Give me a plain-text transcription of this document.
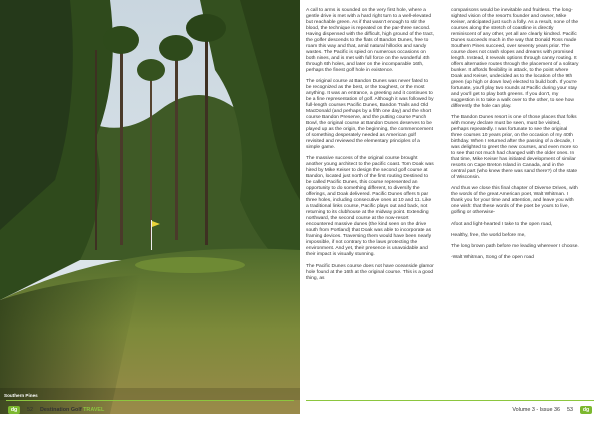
Southern Pines

A call to arms is sounded on the very first hole, where a gentle drive is met with a hard right turn to a well-elevated but reachable green. As if that wasn't enough to stir the blood, the technique is repeated on the par-three second. Having dispensed with the difficult, high ground of the tract, the golfer descends to the flats of Bandon Dunes, free to roam this way and that, amid natural hillocks and sandy wastes. The Pacific is spied on numerous occasions on both nines, and is met with full force on the wonderful 4th through 6th holes, and later on the incomparable 16th, perhaps the finest golf hole in existence.

The original course at Bandon Dunes was never fated to be recognized as the best, or the toughest, or the most anything. It was an entrance, a greeting and it continues to be a fine representation of golf. Although it was followed by full-length courses Pacific Dunes, Bandon Trails and Old MacDonald (and perhaps by a fifth one day) and the short course Bandon Preserve, and the putting course Punch Bowl, the original course at Bandon Dunes deserves to be played up as the origin, the beginning, the commencement of something desperately needed as American golf revisited and reviewed the elementary principles of a simple game.

The massive success of the original course brought another young architect to the pacific coast. Tom Doak was hired by Mike Keiser to design the second golf course at Bandon, located just north of the first routing Destined to be called Pacific Dunes, this course represented an opportunity to do something different, to diversify the offerings, and Doak delivered. Pacific Dunes offers 5 par three holes, including consecutive ones at 10 and 11. Like a traditional links course, Pacific plays out and back, not returning to its clubhouse at the midway point. Extending northward, the second course at the now-resort encountered massive dunes (the kind seen on the drive south from Portland) that Doak was able to incorporate as framing devices. Traversing them would have been nearly impossible, if not contrary to the laws protecting the environment. And yet, their presence is unavoidable and their impact is visually stunning.

The Pacific Dunes course does not have oceanside glamor hole found at the 16th at the original course. This is a good thing, as

comparisons would be inevitable and fruitless. The long-sighted vision of the resort's founder and owner, Mike Keiser, anticipated just such a folly. As a result, none of the courses along the stretch of coastline is directly reminiscent of any other, yet all are clearly kindred. Pacific Dunes succeeds much in the way that Donald Ross made Southern Pines succeed, over seventy years prior. The course does not crash slopes and dreams with promised length. Instead, it reveals options through canny routing. It offers alternative routes through the placement of a solitary bunker. It affords flexibility in attack, to the point where Doak and Keiser, undecided as to the location of the 9th green (up high or down low) elected to build both. If you're fortunate, you'll play two rounds at Pacific during your stay and you'll get to play both greens. If you don't, my suggestion is to take a walk over to the other, to see how differently the hole can play.

The Bandon Dunes resort is one of those places that folks with money declare must be seen, must be visited, perhaps repeatedly. I was fortunate to see the original three courses 10 years prior, on the occasion of my 40th birthday. When I returned after the passing of a decade, I was delighted to greet the new courses, and even more so to see that not much had changed with the older ones. In that time, Mike Keiser has initiated development of similar resorts on Cape Breton Island in Canada, and in the central part (who knew there was sand there?) of the state of Wisconsin.

And thus we close this final chapter of Diverse Drives, with the words of the great American poet, Walt Whitman. I thank you for your time and attention, and leave you with one wish: that these words of the poet be yours to live, golfing or otherwise-

Afoot and light-hearted I take to the open road,

Healthy, free, the world before me,

The long brown path before me leading wherever I choose.

-Walt Whitman, Song of the open road

dg	52 Destination Golf TRAVEL	Volume 3 - Issue 36 53	dg
